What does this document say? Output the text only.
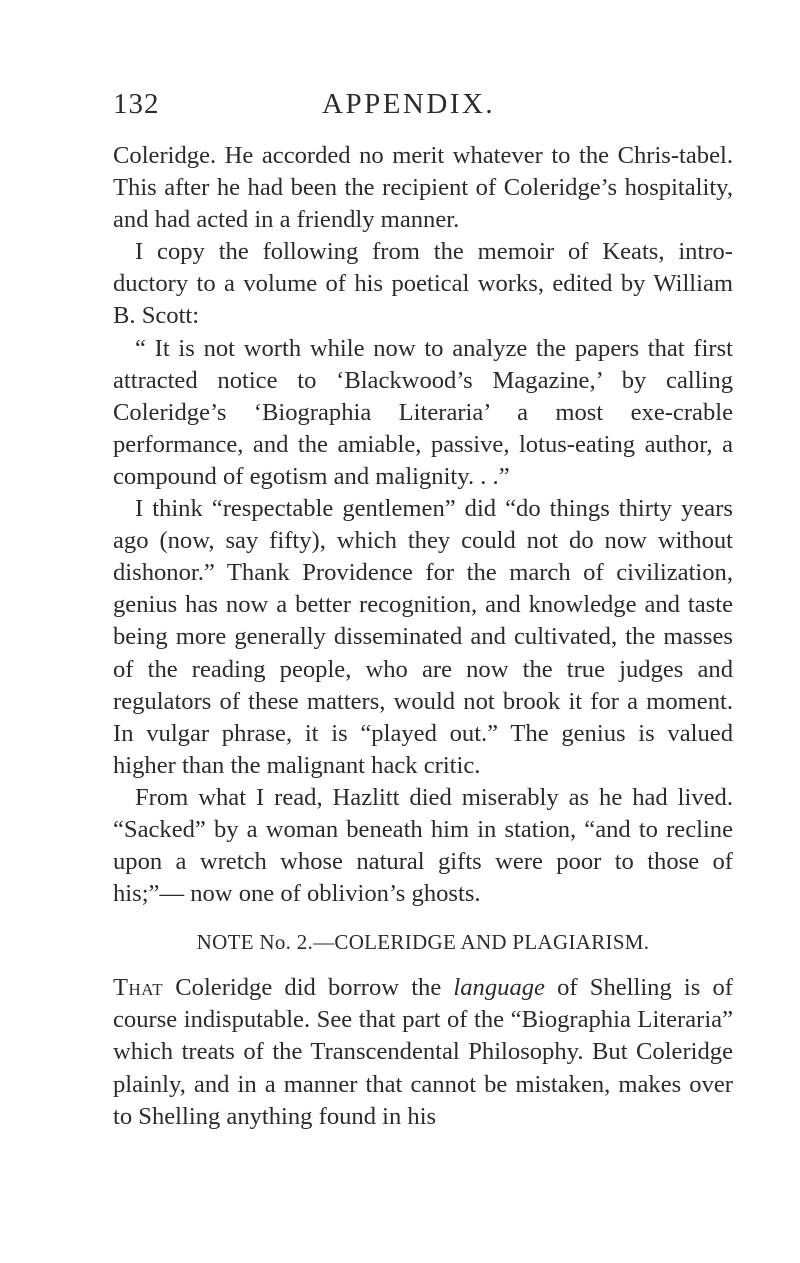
132	APPENDIX.

Coleridge. He accorded no merit whatever to the Chris-tabel. This after he had been the recipient of Coleridge’s hospitality, and had acted in a friendly manner.

I copy the following from the memoir of Keats, intro-ductory to a volume of his poetical works, edited by William B. Scott:

“ It is not worth while now to analyze the papers that first attracted notice to ‘Blackwood’s Magazine,’ by calling Coleridge’s ‘Biographia Literaria’ a most exe-crable performance, and the amiable, passive, lotus-eating author, a compound of egotism and malignity. . .”

I think “respectable gentlemen” did “do things thirty years ago (now, say fifty), which they could not do now without dishonor.” Thank Providence for the march of civilization, genius has now a better recognition, and knowledge and taste being more generally disseminated and cultivated, the masses of the reading people, who are now the true judges and regulators of these matters, would not brook it for a moment. In vulgar phrase, it is “played out.” The genius is valued higher than the malignant hack critic.

From what I read, Hazlitt died miserably as he had lived. “Sacked” by a woman beneath him in station, “and to recline upon a wretch whose natural gifts were poor to those of his;”— now one of oblivion’s ghosts.

NOTE No. 2.—COLERIDGE AND PLAGIARISM.

That Coleridge did borrow the language of Shelling is of course indisputable. See that part of the “Biographia Literaria” which treats of the Transcendental Philosophy. But Coleridge plainly, and in a manner that cannot be mistaken, makes over to Shelling anything found in his
